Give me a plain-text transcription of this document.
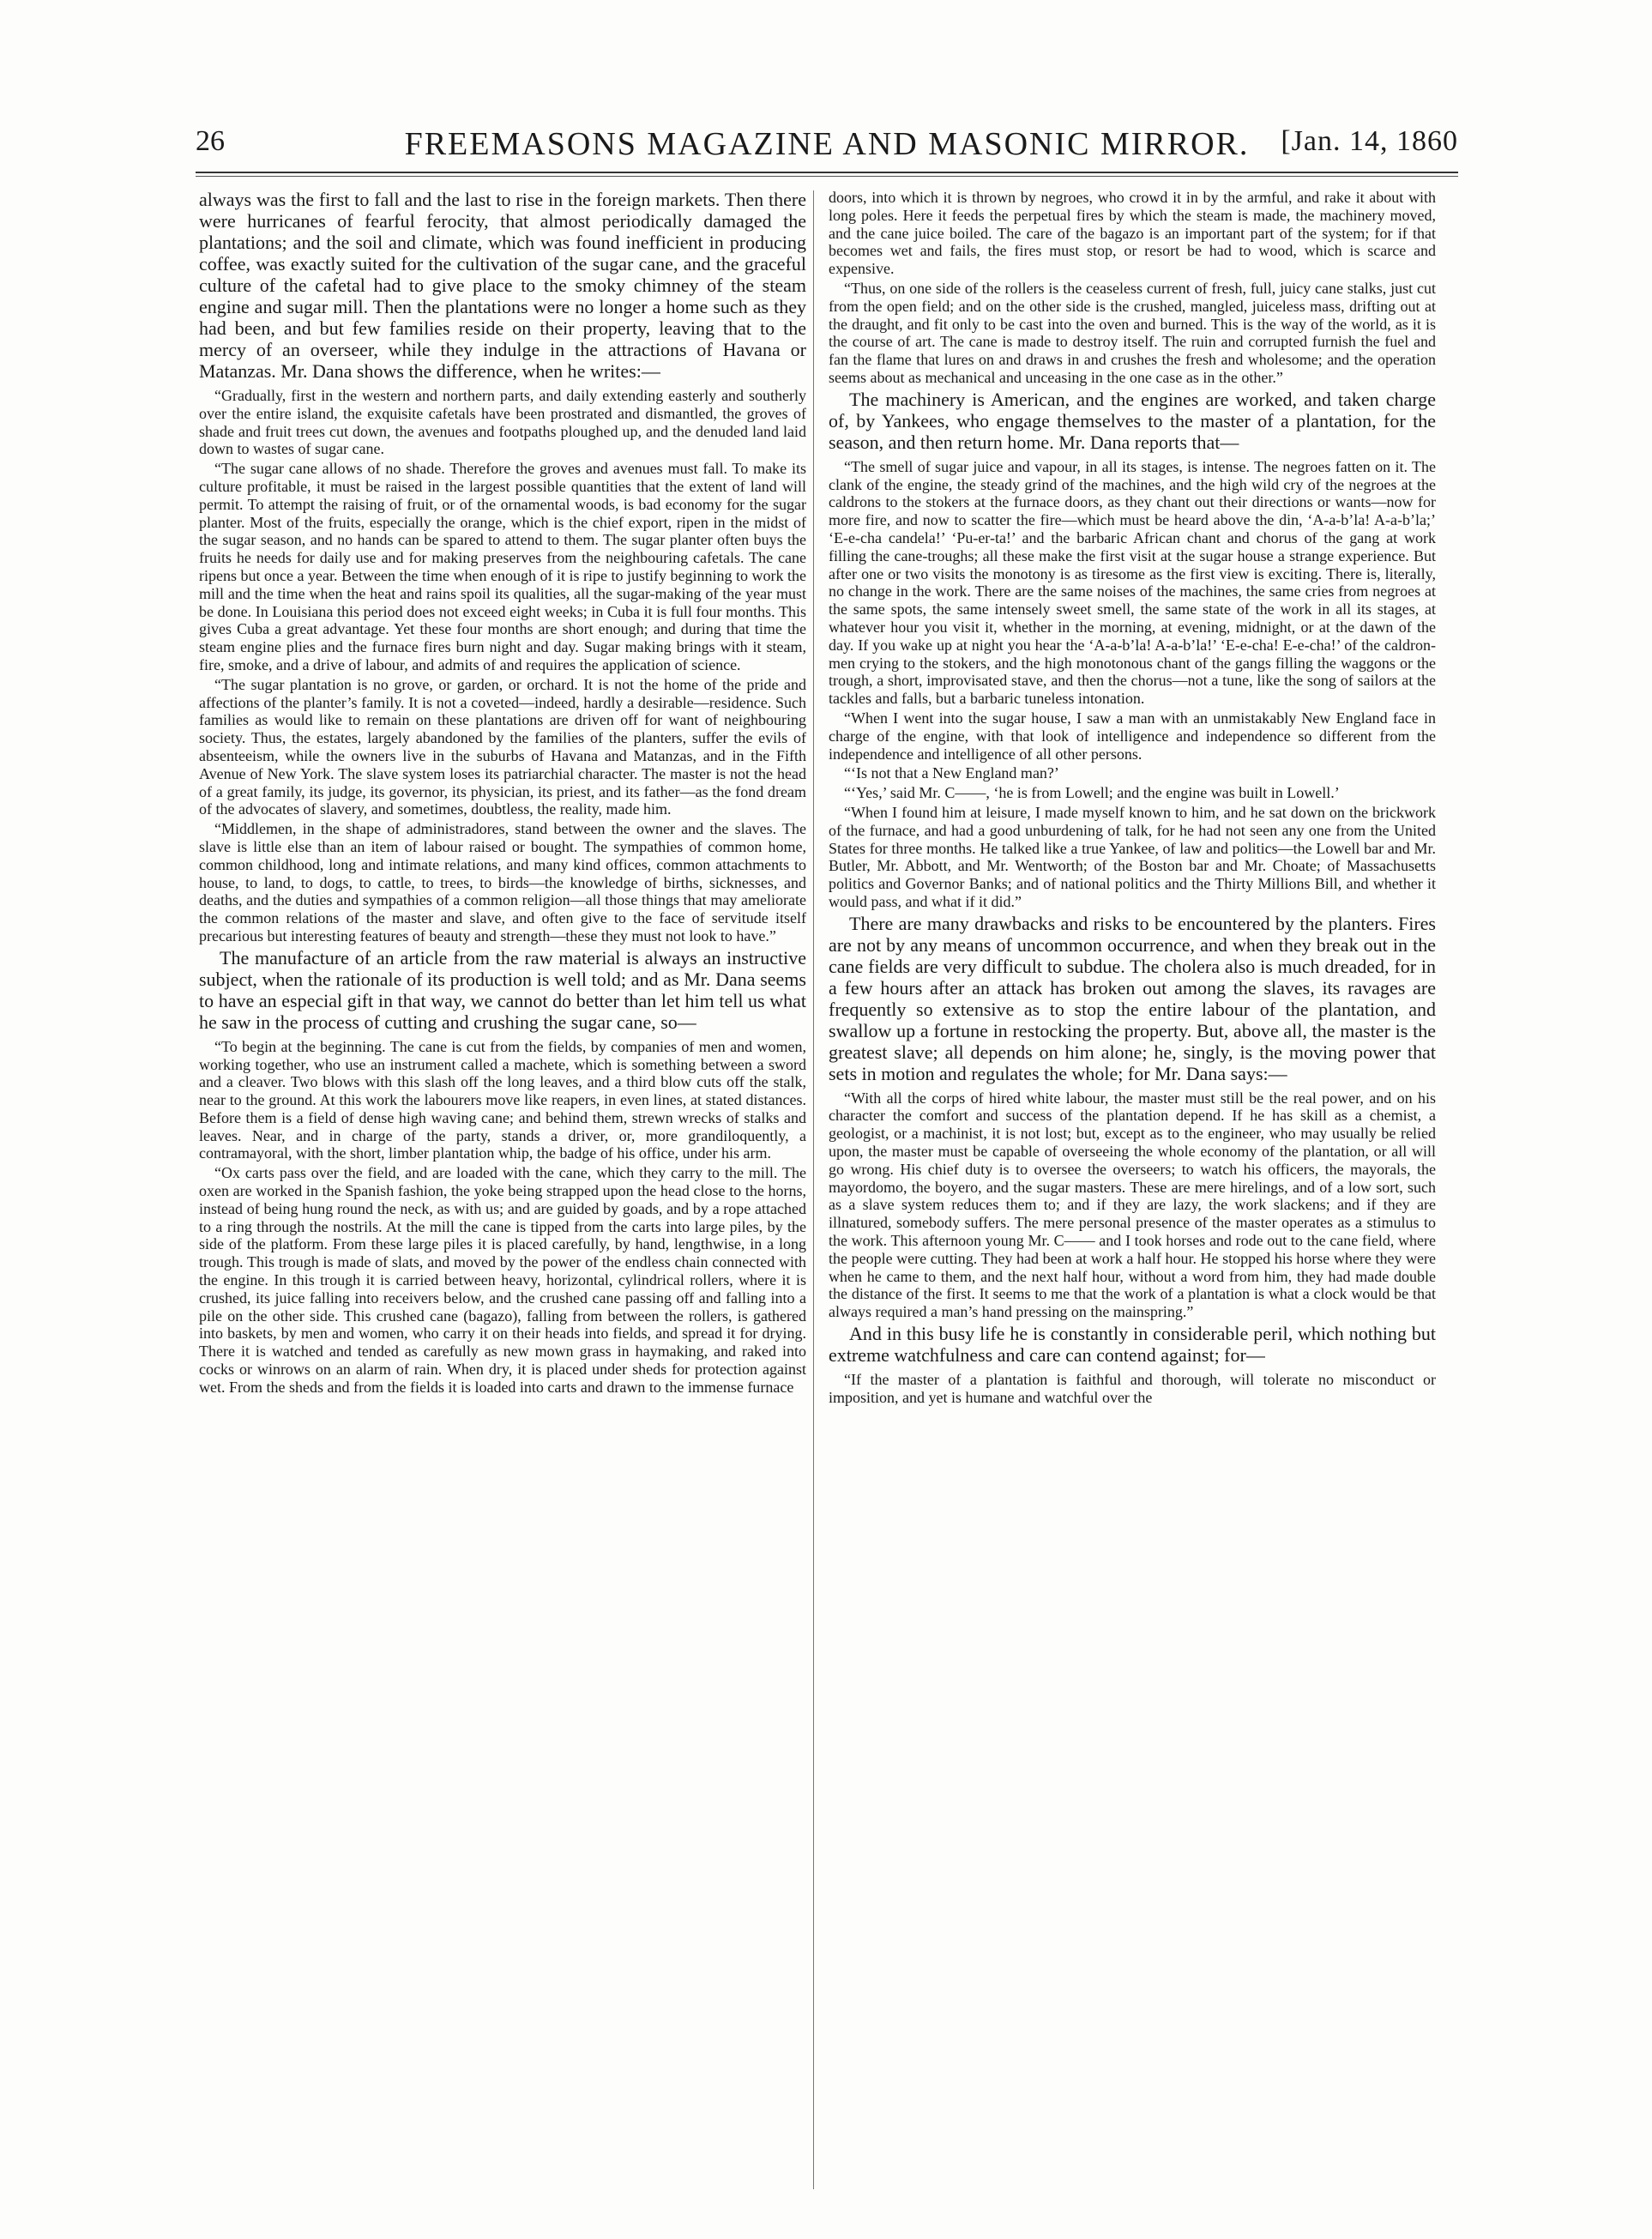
26	FREEMASONS MAGAZINE AND MASONIC MIRROR.	[Jan. 14, 1860

always was the first to fall and the last to rise in the foreign markets. Then there were hurricanes of fearful ferocity, that almost periodically damaged the plantations; and the soil and climate, which was found inefficient in producing coffee, was exactly suited for the cultivation of the sugar cane, and the graceful culture of the cafetal had to give place to the smoky chimney of the steam engine and sugar mill. Then the plantations were no longer a home such as they had been, and but few families reside on their property, leaving that to the mercy of an overseer, while they indulge in the attractions of Havana or Matanzas. Mr. Dana shows the difference, when he writes:—

“Gradually, first in the western and northern parts, and daily extending easterly and southerly over the entire island, the exquisite cafetals have been prostrated and dismantled, the groves of shade and fruit trees cut down, the avenues and footpaths ploughed up, and the denuded land laid down to wastes of sugar cane.

“The sugar cane allows of no shade. Therefore the groves and avenues must fall. To make its culture profitable, it must be raised in the largest possible quantities that the extent of land will permit. To attempt the raising of fruit, or of the ornamental woods, is bad economy for the sugar planter. Most of the fruits, especially the orange, which is the chief export, ripen in the midst of the sugar season, and no hands can be spared to attend to them. The sugar planter often buys the fruits he needs for daily use and for making preserves from the neighbouring cafetals. The cane ripens but once a year. Between the time when enough of it is ripe to justify beginning to work the mill and the time when the heat and rains spoil its qualities, all the sugar-making of the year must be done. In Louisiana this period does not exceed eight weeks; in Cuba it is full four months. This gives Cuba a great advantage. Yet these four months are short enough; and during that time the steam engine plies and the furnace fires burn night and day. Sugar making brings with it steam, fire, smoke, and a drive of labour, and admits of and requires the application of science.

“The sugar plantation is no grove, or garden, or orchard. It is not the home of the pride and affections of the planter’s family. It is not a coveted—indeed, hardly a desirable—residence. Such families as would like to remain on these plantations are driven off for want of neighbouring society. Thus, the estates, largely abandoned by the families of the planters, suffer the evils of absenteeism, while the owners live in the suburbs of Havana and Matanzas, and in the Fifth Avenue of New York. The slave system loses its patriarchial character. The master is not the head of a great family, its judge, its governor, its physician, its priest, and its father—as the fond dream of the advocates of slavery, and sometimes, doubtless, the reality, made him.

“Middlemen, in the shape of administradores, stand between the owner and the slaves. The slave is little else than an item of labour raised or bought. The sympathies of common home, common childhood, long and intimate relations, and many kind offices, common attachments to house, to land, to dogs, to cattle, to trees, to birds—the knowledge of births, sicknesses, and deaths, and the duties and sympathies of a common religion—all those things that may ameliorate the common relations of the master and slave, and often give to the face of servitude itself precarious but interesting features of beauty and strength—these they must not look to have.”

The manufacture of an article from the raw material is always an instructive subject, when the rationale of its production is well told; and as Mr. Dana seems to have an especial gift in that way, we cannot do better than let him tell us what he saw in the process of cutting and crushing the sugar cane, so—

“To begin at the beginning. The cane is cut from the fields, by companies of men and women, working together, who use an instrument called a machete, which is something between a sword and a cleaver. Two blows with this slash off the long leaves, and a third blow cuts off the stalk, near to the ground. At this work the labourers move like reapers, in even lines, at stated distances. Before them is a field of dense high waving cane; and behind them, strewn wrecks of stalks and leaves. Near, and in charge of the party, stands a driver, or, more grandiloquently, a contramayoral, with the short, limber plantation whip, the badge of his office, under his arm.

“Ox carts pass over the field, and are loaded with the cane, which they carry to the mill. The oxen are worked in the Spanish fashion, the yoke being strapped upon the head close to the horns, instead of being hung round the neck, as with us; and are guided by goads, and by a rope attached to a ring through the nostrils. At the mill the cane is tipped from the carts into large piles, by the side of the platform. From these large piles it is placed carefully, by hand, lengthwise, in a long trough. This trough is made of slats, and moved by the power of the endless chain connected with the engine. In this trough it is carried between heavy, horizontal, cylindrical rollers, where it is crushed, its juice falling into receivers below, and the crushed cane passing off and falling into a pile on the other side. This crushed cane (bagazo), falling from between the rollers, is gathered into baskets, by men and women, who carry it on their heads into fields, and spread it for drying. There it is watched and tended as carefully as new mown grass in haymaking, and raked into cocks or winrows on an alarm of rain. When dry, it is placed under sheds for protection against wet. From the sheds and from the fields it is loaded into carts and drawn to the immense furnace

doors, into which it is thrown by negroes, who crowd it in by the armful, and rake it about with long poles. Here it feeds the perpetual fires by which the steam is made, the machinery moved, and the cane juice boiled. The care of the bagazo is an important part of the system; for if that becomes wet and fails, the fires must stop, or resort be had to wood, which is scarce and expensive.

“Thus, on one side of the rollers is the ceaseless current of fresh, full, juicy cane stalks, just cut from the open field; and on the other side is the crushed, mangled, juiceless mass, drifting out at the draught, and fit only to be cast into the oven and burned. This is the way of the world, as it is the course of art. The cane is made to destroy itself. The ruin and corrupted furnish the fuel and fan the flame that lures on and draws in and crushes the fresh and wholesome; and the operation seems about as mechanical and unceasing in the one case as in the other.”

The machinery is American, and the engines are worked, and taken charge of, by Yankees, who engage themselves to the master of a plantation, for the season, and then return home. Mr. Dana reports that—

“The smell of sugar juice and vapour, in all its stages, is intense. The negroes fatten on it. The clank of the engine, the steady grind of the machines, and the high wild cry of the negroes at the caldrons to the stokers at the furnace doors, as they chant out their directions or wants—now for more fire, and now to scatter the fire—which must be heard above the din, ‘A-a-b’la! A-a-b’la;’ ‘E-e-cha candela!’ ‘Pu-er-ta!’ and the barbaric African chant and chorus of the gang at work filling the cane-troughs; all these make the first visit at the sugar house a strange experience. But after one or two visits the monotony is as tiresome as the first view is exciting. There is, literally, no change in the work. There are the same noises of the machines, the same cries from negroes at the same spots, the same intensely sweet smell, the same state of the work in all its stages, at whatever hour you visit it, whether in the morning, at evening, midnight, or at the dawn of the day. If you wake up at night you hear the ‘A-a-b’la! A-a-b’la!’ ‘E-e-cha! E-e-cha!’ of the caldron-men crying to the stokers, and the high monotonous chant of the gangs filling the waggons or the trough, a short, improvisated stave, and then the chorus—not a tune, like the song of sailors at the tackles and falls, but a barbaric tuneless intonation.

“When I went into the sugar house, I saw a man with an unmistakably New England face in charge of the engine, with that look of intelligence and independence so different from the independence and intelligence of all other persons.

“‘Is not that a New England man?’

“‘Yes,’ said Mr. C——, ‘he is from Lowell; and the engine was built in Lowell.’

“When I found him at leisure, I made myself known to him, and he sat down on the brickwork of the furnace, and had a good unburdening of talk, for he had not seen any one from the United States for three months. He talked like a true Yankee, of law and politics—the Lowell bar and Mr. Butler, Mr. Abbott, and Mr. Wentworth; of the Boston bar and Mr. Choate; of Massachusetts politics and Governor Banks; and of national politics and the Thirty Millions Bill, and whether it would pass, and what if it did.”

There are many drawbacks and risks to be encountered by the planters. Fires are not by any means of uncommon occurrence, and when they break out in the cane fields are very difficult to subdue. The cholera also is much dreaded, for in a few hours after an attack has broken out among the slaves, its ravages are frequently so extensive as to stop the entire labour of the plantation, and swallow up a fortune in restocking the property. But, above all, the master is the greatest slave; all depends on him alone; he, singly, is the moving power that sets in motion and regulates the whole; for Mr. Dana says:—

“With all the corps of hired white labour, the master must still be the real power, and on his character the comfort and success of the plantation depend. If he has skill as a chemist, a geologist, or a machinist, it is not lost; but, except as to the engineer, who may usually be relied upon, the master must be capable of overseeing the whole economy of the plantation, or all will go wrong. His chief duty is to oversee the overseers; to watch his officers, the mayorals, the mayordomo, the boyero, and the sugar masters. These are mere hirelings, and of a low sort, such as a slave system reduces them to; and if they are lazy, the work slackens; and if they are illnatured, somebody suffers. The mere personal presence of the master operates as a stimulus to the work. This afternoon young Mr. C—— and I took horses and rode out to the cane field, where the people were cutting. They had been at work a half hour. He stopped his horse where they were when he came to them, and the next half hour, without a word from him, they had made double the distance of the first. It seems to me that the work of a plantation is what a clock would be that always required a man’s hand pressing on the mainspring.”

And in this busy life he is constantly in considerable peril, which nothing but extreme watchfulness and care can contend against; for—

“If the master of a plantation is faithful and thorough, will tolerate no misconduct or imposition, and yet is humane and watchful over the
